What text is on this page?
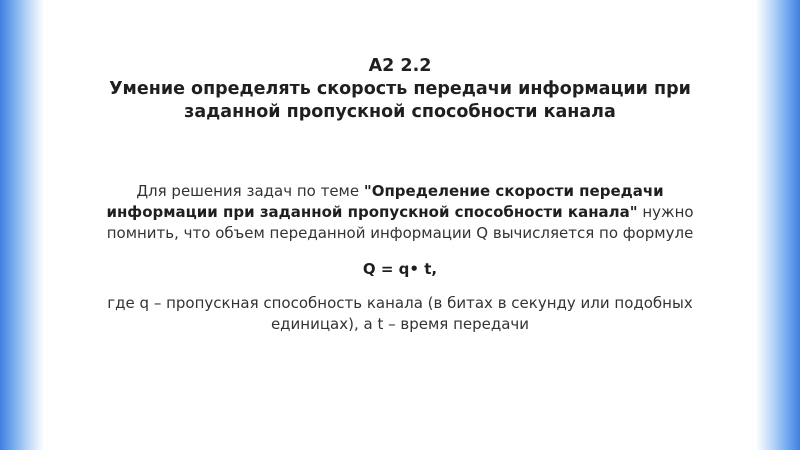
А2 2.2
Умение определять скорость передачи информации при
заданной пропускной способности канала
Для решения задач по теме "Определение скорости передачи
информации при заданной пропускной способности канала" нужно
помнить, что объем переданной информации Q вычисляется по формуле
Q = q• t,
где q – пропускная способность канала (в битах в секунду или подобных
единицах), а t – время передачи
